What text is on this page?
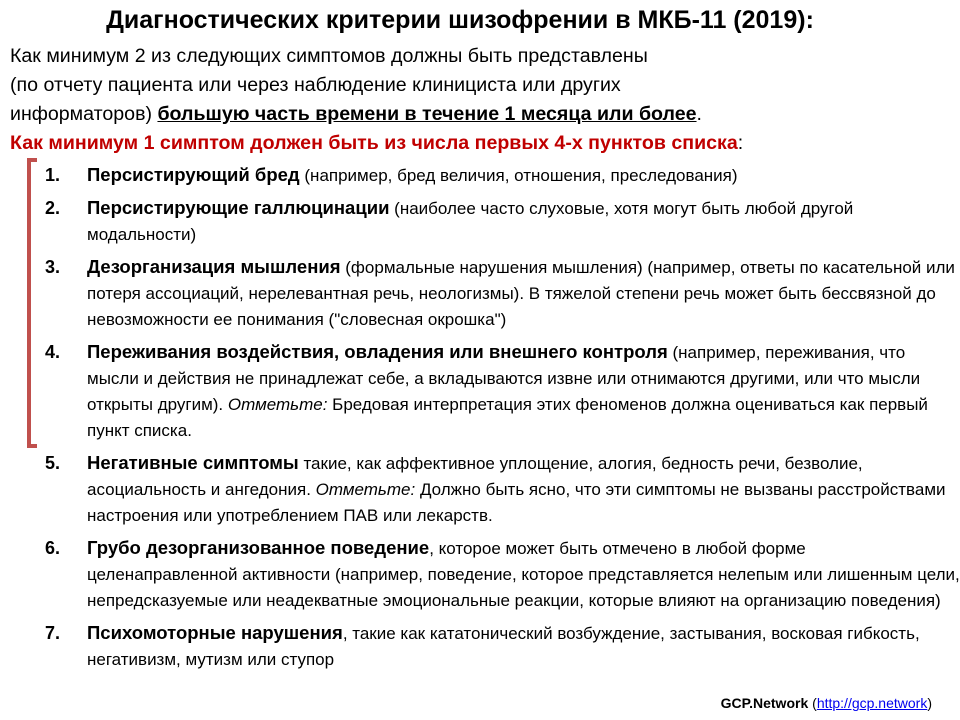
Диагностических критерии шизофрении в МКБ-11 (2019):
Как минимум 2 из следующих симптомов должны быть представлены
(по отчету пациента или через наблюдение клинициста или других
информаторов) большую часть времени в течение 1 месяца или более.
Как минимум 1 симптом должен быть из числа первых 4-х пунктов списка:
1.	Персистирующий бред (например, бред величия, отношения, преследования)
2.	Персистирующие галлюцинации (наиболее часто слуховые, хотя могут быть любой другой модальности)
3.	Дезорганизация мышления (формальные нарушения мышления) (например, ответы по касательной или потеря ассоциаций, нерелевантная речь, неологизмы). В тяжелой степени речь может быть бессвязной до невозможности ее понимания ("словесная окрошка")
4.	Переживания воздействия, овладения или внешнего контроля (например, переживания, что мысли и действия не принадлежат себе, а вкладываются извне или отнимаются другими, или что мысли открыты другим). Отметьте: Бредовая интерпретация этих феноменов должна оцениваться как первый пункт списка.
5.	Негативные симптомы такие, как аффективное уплощение, алогия, бедность речи, безволие, асоциальность и ангедония. Отметьте: Должно быть ясно, что эти симптомы не вызваны расстройствами настроения или употреблением ПАВ или лекарств.
6.	Грубо дезорганизованное поведение, которое может быть отмечено в любой форме целенаправленной активности (например, поведение, которое представляется нелепым или лишенным цели, непредсказуемые или неадекватные эмоциональные реакции, которые влияют на организацию поведения)
7.	Психомоторные нарушения, такие как кататонический возбуждение, застывания, восковая гибкость, негативизм, мутизм или ступор
GCP.Network (http://gcp.network)
